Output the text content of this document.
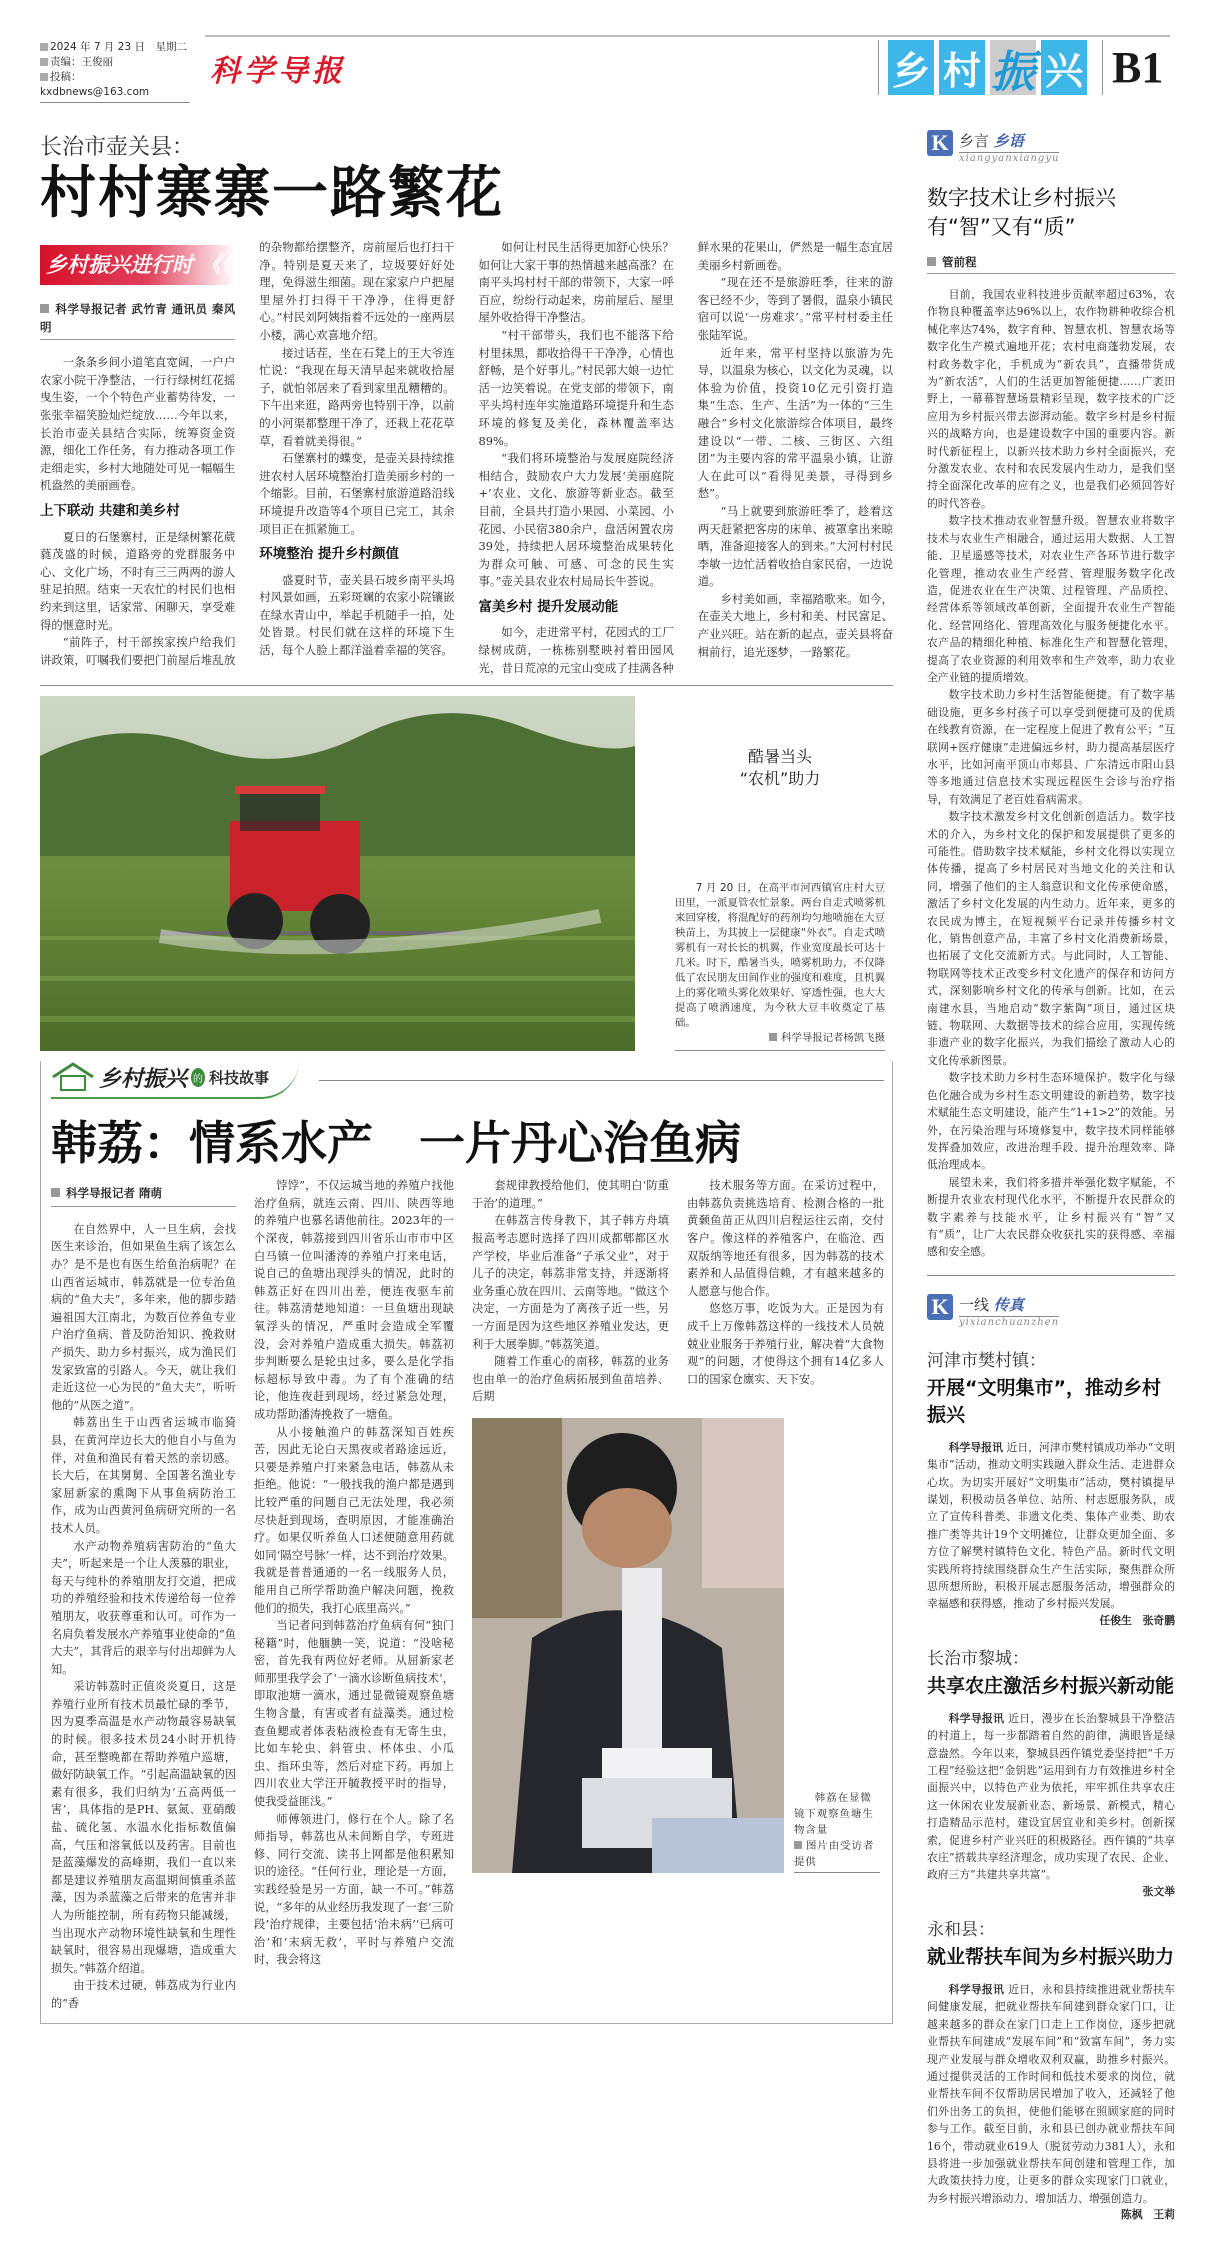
2024 年 7 月 23 日　星期二
责编：王俊丽
投稿：kxdbnews@163.com
科学导报	乡 村 振 兴 B1
长治市壶关县：
村村寨寨一路繁花
乡村振兴进行时 《《
科学导报记者 武竹青 通讯员 秦风明

一条条乡间小道笔直宽阔，一户户农家小院干净整洁，一行行绿树红花摇曳生姿，一个个特色产业蓄势待发，一张张幸福笑脸灿烂绽放……今年以来，长治市壶关县结合实际，统筹资金资源，细化工作任务，有力推动各项工作走细走实，乡村大地随处可见一幅幅生机盎然的美丽画卷。

上下联动 共建和美乡村

夏日的石堡寨村，正是绿树繁花葳蕤茂盛的时候，道路旁的党群服务中心、文化广场，不时有三三两两的游人驻足拍照。结束一天农忙的村民们也相约来到这里，话家常、闲聊天，享受难得的惬意时光。

“前阵子，村干部挨家挨户给我们讲政策，叮嘱我们要把门前屋后堆乱放的杂物都给摆整齐，房前屋后也打扫干净。特别是夏天来了，垃圾要好好处理，免得滋生细菌。现在家家户户把屋里屋外打扫得干干净净，住得更舒心。”村民刘阿姨指着不远处的一座两层小楼，满心欢喜地介绍。

接过话茬，坐在石凳上的王大爷连忙说：“我现在每天清早起来就收拾屋子，就怕邻居来了看到家里乱糟糟的。下午出来逛，路两旁也特别干净，以前的小河渠都整理干净了，还栽上花花草草，看着就美得很。”

石堡寨村的蝶变，是壶关县持续推进农村人居环境整治打造美丽乡村的一个缩影。目前，石堡寨村旅游道路沿线环境提升改造等4个项目已完工，其余项目正在抓紧施工。

环境整治 提升乡村颜值

盛夏时节，壶关县石坡乡南平头坞村风景如画，五彩斑斓的农家小院镶嵌在绿水青山中，举起手机随手一拍，处处皆景。村民们就在这样的环境下生活，每个人脸上都洋溢着幸福的笑容。

如何让村民生活得更加舒心快乐？如何让大家干事的热情越来越高涨？在南平头坞村村干部的带领下，大家一呼百应，纷纷行动起来，房前屋后、屋里屋外收拾得干净整洁。

“村干部带头，我们也不能落下给村里抹黑，都收拾得干干净净，心情也舒畅，是个好事儿。”村民郭大娘一边忙活一边笑着说。在党支部的带领下，南平头坞村连年实施道路环境提升和生态环境的修复及美化，森林覆盖率达89%。

“我们将环境整治与发展庭院经济相结合，鼓励农户大力发展‘美丽庭院+’农业、文化、旅游等新业态。截至目前，全县共打造小果园、小菜园、小花园、小民宿380余户，盘活闲置农房39处，持续把人居环境整治成果转化为群众可触、可感、可念的民生实事。”壶关县农业农村局局长牛荟说。

富美乡村 提升发展动能

如今，走进常平村，花园式的工厂绿树成荫，一栋栋别墅映衬着田园风光，昔日荒凉的元宝山变成了挂满各种鲜水果的花果山，俨然是一幅生态宜居美丽乡村新画卷。

“现在还不是旅游旺季，往来的游客已经不少，等到了暑假，温泉小镇民宿可以说‘一房难求’。”常平村村委主任张陆军说。

近年来，常平村坚持以旅游为先导，以温泉为核心，以文化为灵魂，以体验为价值，投资10亿元引资打造集“生态、生产、生活”为一体的“三生融合”乡村文化旅游综合体项目，最终建设以“一带、二核、三街区、六组团”为主要内容的常平温泉小镇，让游人在此可以“看得见美景，寻得到乡愁”。

“马上就要到旅游旺季了，趁着这两天赶紧把客房的床单、被罩拿出来晾晒，准备迎接客人的到来。”大河村村民李敏一边忙活着收拾自家民宿，一边说道。

乡村美如画，幸福踏歌来。如今，在壶关大地上，乡村和美、村民富足、产业兴旺。站在新的起点，壶关县将奋楫前行，追光逐梦，一路繁花。

酷暑当头
“农机”助力
7 月 20 日，在高平市河西镇官庄村大豆田里，一派夏管农忙景象。两台自走式喷雾机来回穿梭，将混配好的药剂均匀地喷施在大豆秧苗上，为其披上一层健康“外衣”。自走式喷雾机有一对长长的机翼，作业宽度最长可达十几米。时下，酷暑当头，喷雾机助力，不仅降低了农民朋友田间作业的强度和难度，且机翼上的雾化喷头雾化效果好、穿透性强，也大大提高了喷洒速度，为今秋大豆丰收奠定了基础。
科学导报记者杨凯飞摄
乡村振兴 的 科技故事
韩荔：情系水产　一片丹心治鱼病
科学导报记者 隋萌

在自然界中，人一旦生病，会找医生来诊治，但如果鱼生病了该怎么办？是不是也有医生给鱼治病呢？在山西省运城市，韩荔就是一位专治鱼病的“鱼大夫”，多年来，他的脚步踏遍祖国大江南北，为数百位养鱼专业户治疗鱼病、普及防治知识、挽救财产损失、助力乡村振兴，成为渔民们发家致富的引路人。今天，就让我们走近这位一心为民的“鱼大夫”，听听他的“从医之道”。

韩荔出生于山西省运城市临猗县，在黄河岸边长大的他自小与鱼为伴，对鱼和渔民有着天然的亲切感。长大后，在其舅舅、全国著名渔业专家屈新家的熏陶下从事鱼病防治工作，成为山西黄河鱼病研究所的一名技术人员。

水产动物养殖病害防治的“鱼大夫”，听起来是一个让人羡慕的职业，每天与纯朴的养殖朋友打交道，把成功的养殖经验和技术传递给每一位养殖朋友，收获尊重和认可。可作为一名肩负着发展水产养殖事业使命的“鱼大夫”，其背后的艰辛与付出却鲜为人知。

采访韩荔时正值炎炎夏日，这是养殖行业所有技术员最忙碌的季节，因为夏季高温是水产动物最容易缺氧的时候。很多技术员24小时开机待命，甚至整晚都在帮助养殖户巡塘，做好防缺氧工作。“引起高温缺氧的因素有很多，我们归纳为‘五高两低一害’，具体指的是PH、氨氮、亚硝酸盐、硫化氢、水温水化指标数值偏高，气压和溶氧低以及药害。目前也是蓝藻爆发的高峰期，我们一直以来都是建议养殖朋友高温期间慎重杀蓝藻，因为杀蓝藻之后带来的危害并非人为所能控制，所有药物只能减缓，当出现水产动物环境性缺氧和生理性缺氧时，很容易出现爆塘，造成重大损失。”韩荔介绍道。

由于技术过硬，韩荔成为行业内的“香

饽饽”，不仅运城当地的养殖户找他治疗鱼病，就连云南、四川、陕西等地的养殖户也慕名请他前往。2023年的一个深夜，韩荔接到四川省乐山市市中区白马镇一位叫潘涛的养殖户打来电话，说自己的鱼塘出现浮头的情况，此时的韩荔正好在四川出差，便连夜驱车前往。韩荔清楚地知道：一旦鱼塘出现缺氧浮头的情况，严重时会造成全军覆没，会对养殖户造成重大损失。韩荔初步判断要么是轮虫过多，要么是化学指标超标导致中毒。为了有个准确的结论，他连夜赶到现场，经过紧急处理，成功帮助潘涛挽救了一塘鱼。

从小接触渔户的韩荔深知百姓疾苦，因此无论白天黑夜或者路途远近，只要是养殖户打来紧急电话，韩荔从未拒绝。他说：“一般找我的渔户都是遇到比较严重的问题自己无法处理，我必须尽快赶到现场，查明原因，才能准确治疗。如果仅听养鱼人口述便随意用药就如同‘隔空号脉’一样，达不到治疗效果。我就是普普通通的一名一线服务人员，能用自己所学帮助渔户解决问题，挽救他们的损失，我打心底里高兴。”

当记者问到韩荔治疗鱼病有何“独门秘籍”时，他腼腆一笑，说道：“没啥秘密，首先我有两位好老师。从屈新家老师那里我学会了‘一滴水诊断鱼病技术’，即取池塘一滴水，通过显微镜观察鱼塘生物含量，有害或者有益藻类。通过检查鱼鳃或者体表粘液检查有无寄生虫，比如车轮虫、斜管虫、杯体虫、小瓜虫、指环虫等，然后对症下药。再加上四川农业大学汪开毓教授平时的指导，使我受益匪浅。”

师傅领进门，修行在个人。除了名师指导，韩荔也从未间断自学，专班进修、同行交流、读书上网都是他积累知识的途径。“任何行业，理论是一方面，实践经验是另一方面，缺一不可。”韩荔说，“多年的从业经历我发现了一套‘三阶段’治疗规律，主要包括‘治未病’‘已病可治’和‘末病无救’，平时与养殖户交流时，我会将这

套规律教授给他们，使其明白‘防重于治’的道理。”

在韩荔言传身教下，其子韩方舟填报高考志愿时选择了四川成都郫都区水产学校，毕业后准备“子承父业”，对于儿子的决定，韩荔非常支持，并逐渐将业务重心放在四川、云南等地。“做这个决定，一方面是为了离孩子近一些，另一方面是因为这些地区养殖业发达，更利于大展拳脚。”韩荔笑道。

随着工作重心的南移，韩荔的业务也由单一的治疗鱼病拓展到鱼苗培养、后期

技术服务等方面。在采访过程中，由韩荔负责挑选培育、检测合格的一批黄颡鱼苗正从四川启程运往云南，交付客户。像这样的养殖客户，在临沧、西双版纳等地还有很多，因为韩荔的技术素养和人品值得信赖，才有越来越多的人愿意与他合作。

悠悠万事，吃饭为大。正是因为有成千上万像韩荔这样的一线技术人员兢兢业业服务于养殖行业，解决着“大食物观”的问题，才使得这个拥有14亿多人口的国家仓廪实、天下安。

韩荔在显微镜下观察鱼塘生物含量
图片由受访者提供
K 乡言 乡语
xiangyanxiangyu
数字技术让乡村振兴
有“智”又有“质”
管前程

目前，我国农业科技进步贡献率超过63%，农作物良种覆盖率达96%以上，农作物耕种收综合机械化率达74%，数字育种、智慧农机、智慧农场等数字化生产模式遍地开花；农村电商蓬勃发展，农村政务数字化，手机成为“新农具”，直播带货成为“新农活”，人们的生活更加智能便捷……广袤田野上，一幕幕智慧场景精彩呈现，数字技术的广泛应用为乡村振兴带去澎湃动能。数字乡村是乡村振兴的战略方向，也是建设数字中国的重要内容。新时代新征程上，以新兴技术助力乡村全面振兴，充分激发农业、农村和农民发展内生动力，是我们坚持全面深化改革的应有之义，也是我们必须回答好的时代答卷。

数字技术推动农业智慧升级。智慧农业将数字技术与农业生产相融合，通过运用大数据、人工智能、卫星遥感等技术，对农业生产各环节进行数字化管理，推动农业生产经营、管理服务数字化改造，促进农业在生产决策、过程管理、产品质控、经营体系等领域改革创新，全面提升农业生产智能化、经营网络化、管理高效化与服务便捷化水平。农产品的精细化种植、标准化生产和智慧化管理，提高了农业资源的利用效率和生产效率，助力农业全产业链的提质增效。

数字技术助力乡村生活智能便捷。有了数字基础设施，更多乡村孩子可以享受到便捷可及的优质在线教育资源，在一定程度上促进了教育公平；“互联网+医疗健康”走进偏远乡村，助力提高基层医疗水平，比如河南平顶山市郏县、广东清远市阳山县等多地通过信息技术实现远程医生会诊与治疗指导，有效满足了老百姓看病需求。

数字技术激发乡村文化创新创造活力。数字技术的介入，为乡村文化的保护和发展提供了更多的可能性。借助数字技术赋能，乡村文化得以实现立体传播，提高了乡村居民对当地文化的关注和认同，增强了他们的主人翁意识和文化传承使命感，激活了乡村文化发展的内生动力。近年来，更多的农民成为博主，在短视频平台记录并传播乡村文化，销售创意产品，丰富了乡村文化消费新场景，也拓展了文化交流新方式。与此同时，人工智能、物联网等技术正改变乡村文化遗产的保存和访问方式，深刻影响乡村文化的传承与创新。比如，在云南建水县，当地启动“数字紫陶”项目，通过区块链、物联网、大数据等技术的综合应用，实现传统非遗产业的数字化振兴，为我们描绘了激动人心的文化传承新图景。

数字技术助力乡村生态环境保护。数字化与绿色化融合成为乡村生态文明建设的新趋势，数字技术赋能生态文明建设，能产生“1+1>2”的效能。另外，在污染治理与环境修复中，数字技术同样能够发挥叠加效应，改进治理手段、提升治理效率、降低治理成本。

展望未来，我们将多措并举强化数字赋能，不断提升农业农村现代化水平，不断提升农民群众的数字素养与技能水平，让乡村振兴有“智”又有“质”，让广大农民群众收获扎实的获得感、幸福感和安全感。

K 一线 传真
yixianchuanzhen
河津市樊村镇：
开展“文明集市”，推动乡村振兴
科学导报讯 近日，河津市樊村镇成功举办“文明集市”活动，推动文明实践融入群众生活、走进群众心坎。为切实开展好“文明集市”活动，樊村镇提早谋划，积极动员各单位、站所、村志愿服务队，成立了宣传科普类、非遗文化类、集体产业类、助农推广类等共计19个文明摊位，让群众更加全面、多方位了解樊村镇特色文化、特色产品。新时代文明实践所将持续围绕群众生产生活实际，聚焦群众所思所想所盼，积极开展志愿服务活动，增强群众的幸福感和获得感，推动了乡村振兴发展。
任俊生　张奇鹏
长治市黎城：
共享农庄激活乡村振兴新动能
科学导报讯 近日，漫步在长治黎城县干净整洁的村道上，每一步都踏着自然的韵律，满眼皆是绿意盎然。今年以来，黎城县西仵镇党委坚持把“千万工程”经验这把“金钥匙”运用到有力有效推进乡村全面振兴中，以特色产业为依托，牢牢抓住共享农庄这一休闲农业发展新业态、新场景、新模式，精心打造精品示范村，建设宜居宜业和美乡村。创新探索，促进乡村产业兴旺的积极路径。西仵镇的“共享农庄”搭载共享经济理念，成功实现了农民、企业、政府三方“共建共享共富”。
张文举
永和县：
就业帮扶车间为乡村振兴助力
科学导报讯 近日，永和县持续推进就业帮扶车间健康发展，把就业帮扶车间建到群众家门口，让越来越多的群众在家门口走上工作岗位，逐步把就业帮扶车间建成“发展车间”和“致富车间”，务力实现产业发展与群众增收双利双赢，助推乡村振兴。通过提供灵活的工作时间和低技术要求的岗位，就业帮扶车间不仅帮助居民增加了收入，还减轻了他们外出务工的负担，使他们能够在照顾家庭的同时参与工作。截至目前，永和县已创办就业帮扶车间16个，带动就业619人（脱贫劳动力381人），永和县将进一步加强就业帮扶车间创建和管理工作，加大政策扶持力度，让更多的群众实现家门口就业，为乡村振兴增添动力、增加活力、增强创造力。
陈枫　王莉
